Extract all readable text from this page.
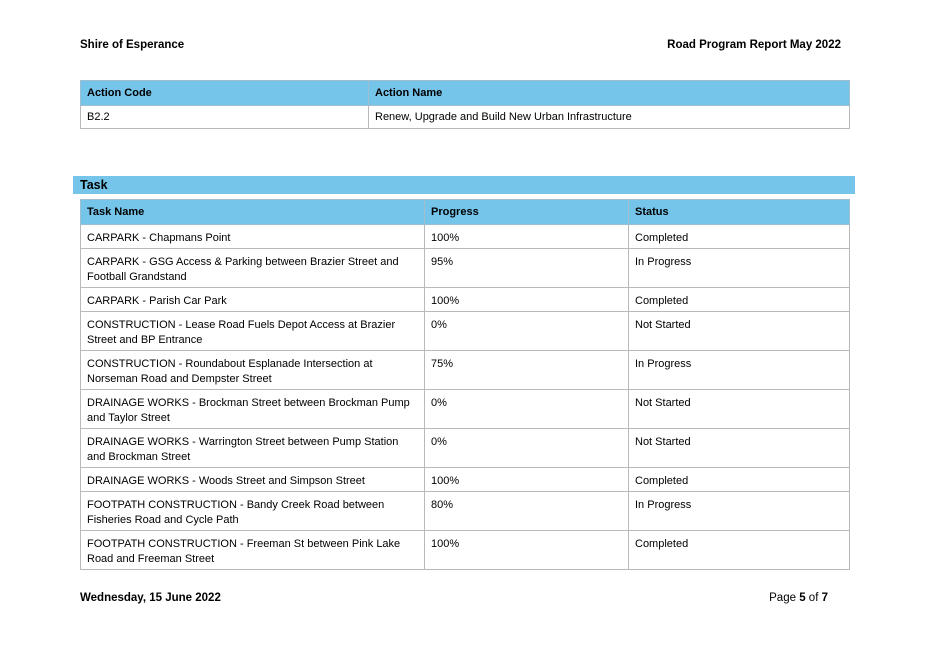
Shire of Esperance	Road Program Report May 2022
Action Code	Action Name
B2.2	Renew, Upgrade and Build New Urban Infrastructure
Task
Task Name	Progress	Status
CARPARK - Chapmans Point	100%	Completed
CARPARK - GSG Access & Parking between Brazier Street and Football Grandstand	95%	In Progress
CARPARK - Parish Car Park	100%	Completed
CONSTRUCTION - Lease Road Fuels Depot Access at Brazier Street and BP Entrance	0%	Not Started
CONSTRUCTION - Roundabout Esplanade Intersection at Norseman Road and Dempster Street	75%	In Progress
DRAINAGE WORKS - Brockman Street between Brockman Pump and Taylor Street	0%	Not Started
DRAINAGE WORKS - Warrington Street between Pump Station and Brockman Street	0%	Not Started
DRAINAGE WORKS - Woods Street and Simpson Street	100%	Completed
FOOTPATH CONSTRUCTION - Bandy Creek Road between Fisheries Road and Cycle Path	80%	In Progress
FOOTPATH CONSTRUCTION - Freeman St between Pink Lake Road and Freeman Street	100%	Completed
Wednesday, 15 June 2022	Page 5 of 7
